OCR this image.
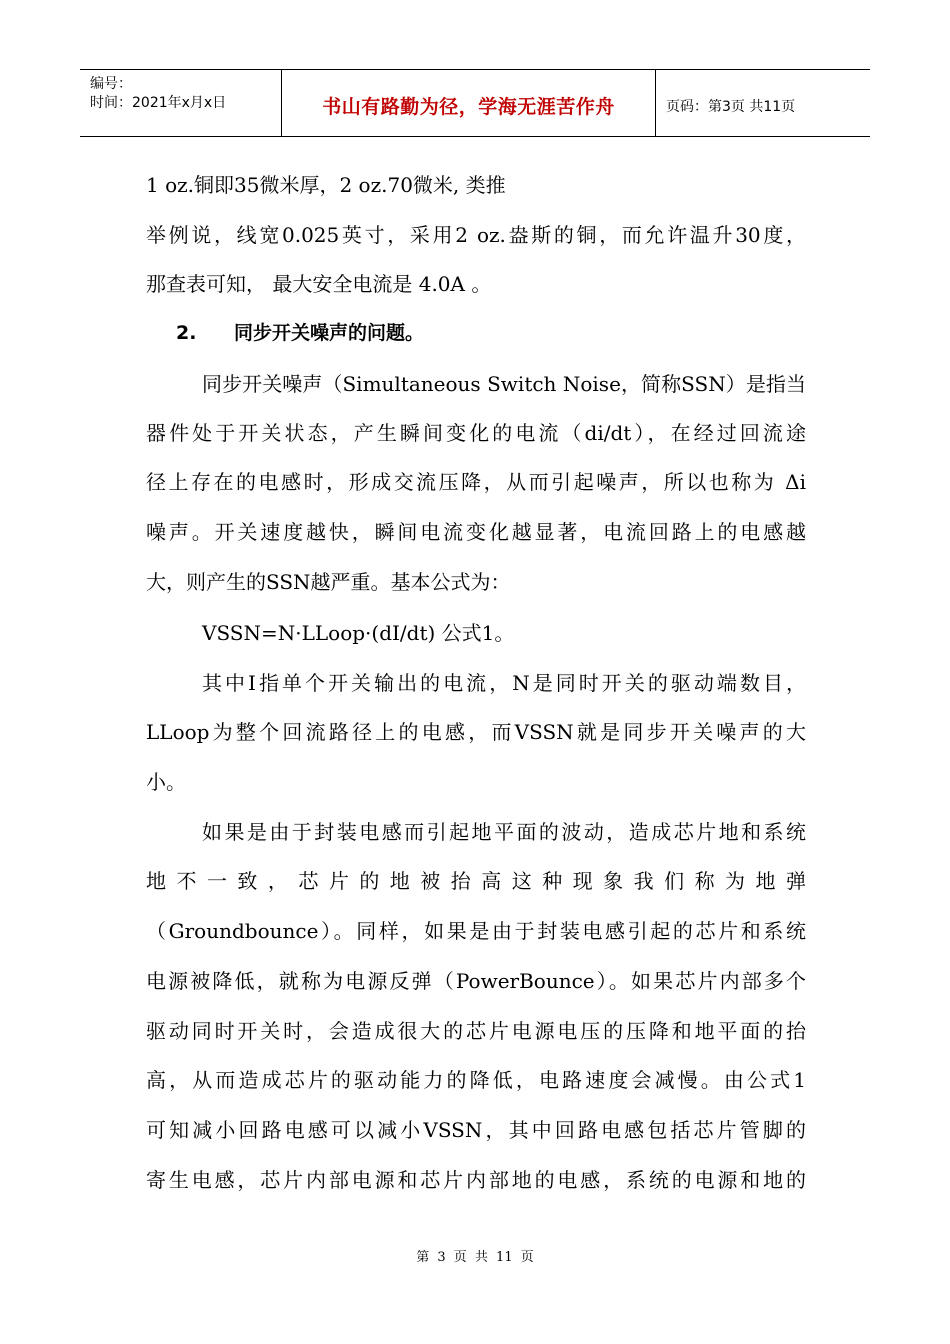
编号：
时间：2021年x月x日	书山有路勤为径，学海无涯苦作舟	页码：第3页 共11页
1 oz.铜即35微米厚，2 oz.70微米, 类推
举例说，线宽0.025英寸，采用2 oz.盎斯的铜，而允许温升30度，
那查表可知， 最大安全电流是 4.0A 。
2. 同步开关噪声的问题。
同步开关噪声（Simultaneous Switch Noise，简称SSN）是指当
器件处于开关状态，产生瞬间变化的电流（di/dt），在经过回流途
径上存在的电感时，形成交流压降，从而引起噪声，所以也称为 Δi
噪声。开关速度越快，瞬间电流变化越显著，电流回路上的电感越
大，则产生的SSN越严重。基本公式为：
VSSN=N·LLoop·(dI/dt) 公式1。
其中I指单个开关输出的电流，N是同时开关的驱动端数目，
LLoop为整个回流路径上的电感，而VSSN就是同步开关噪声的大
小。
如果是由于封装电感而引起地平面的波动，造成芯片地和系统
地不一致，芯片的地被抬高这种现象我们称为地弹
（Groundbounce）。同样，如果是由于封装电感引起的芯片和系统
电源被降低，就称为电源反弹（PowerBounce）。如果芯片内部多个
驱动同时开关时，会造成很大的芯片电源电压的压降和地平面的抬
高，从而造成芯片的驱动能力的降低，电路速度会减慢。由公式1
可知减小回路电感可以减小VSSN，其中回路电感包括芯片管脚的
寄生电感，芯片内部电源和芯片内部地的电感，系统的电源和地的
第 3 页 共 11 页
